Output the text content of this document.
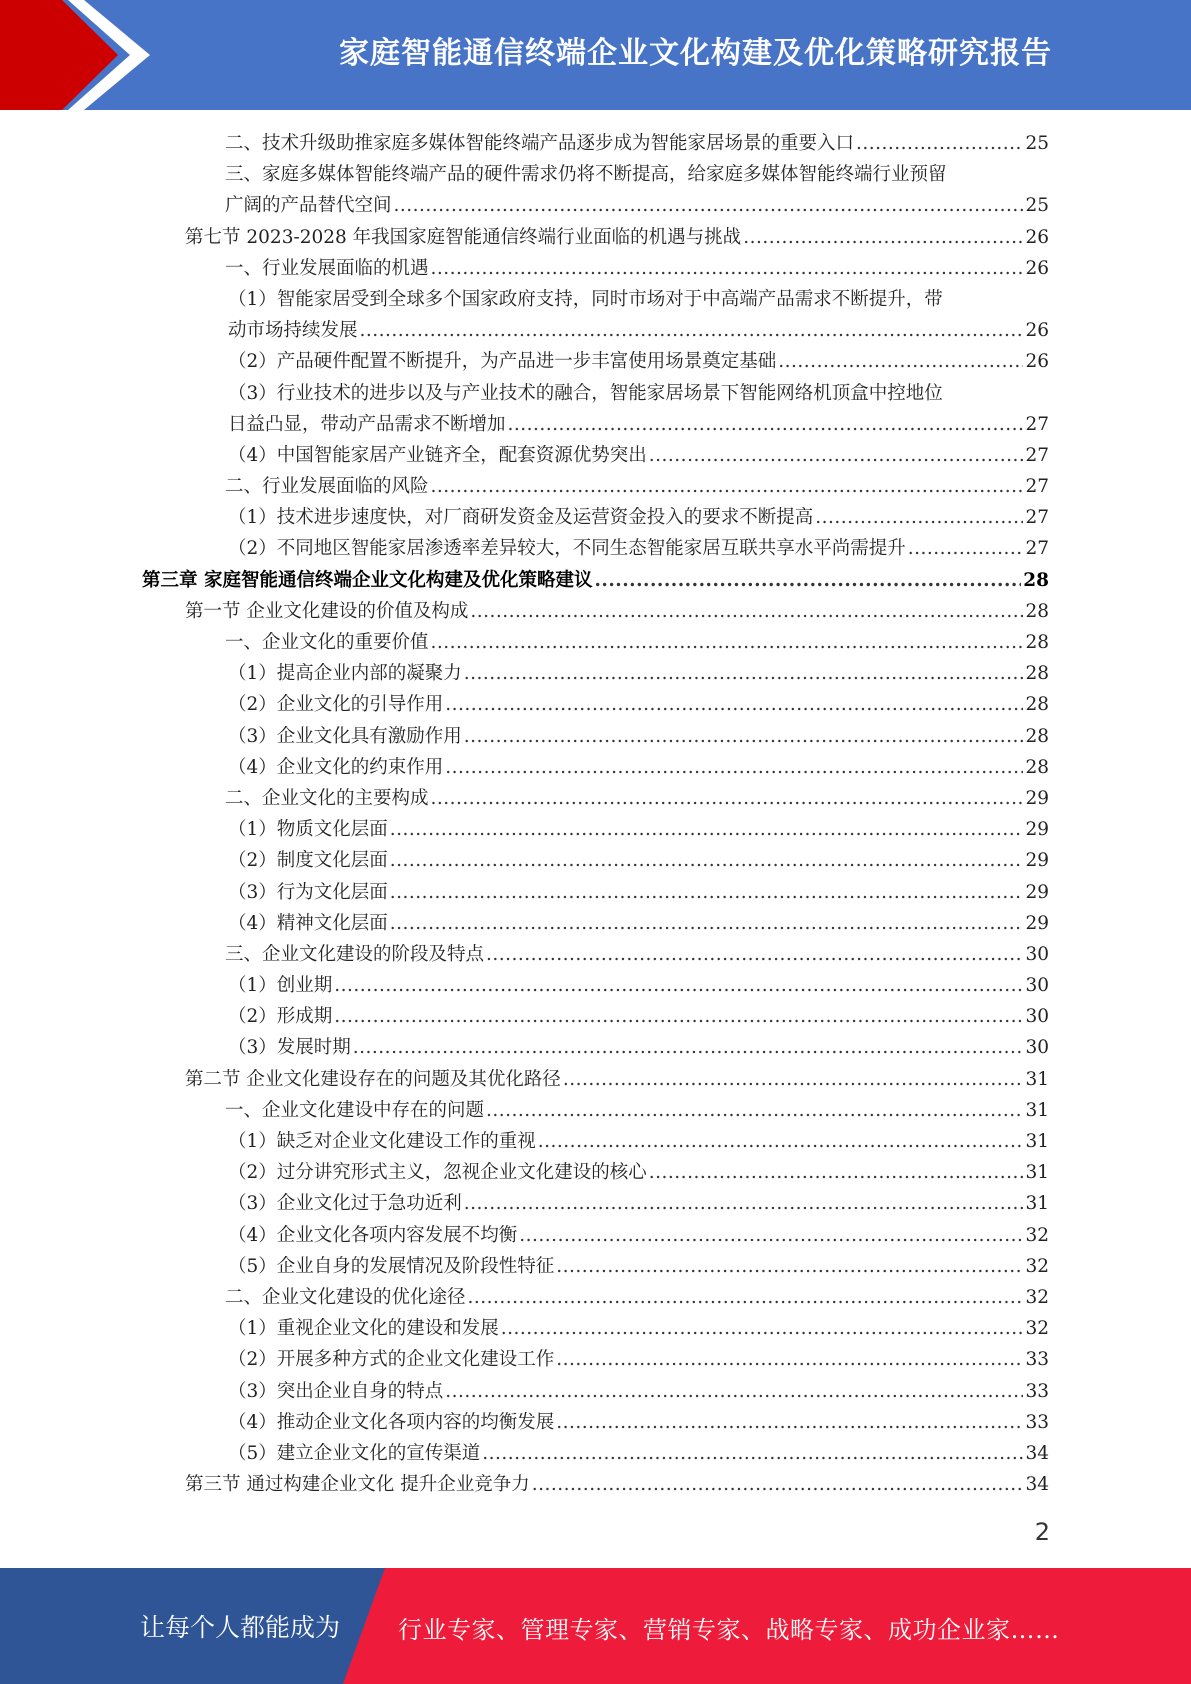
家庭智能通信终端企业文化构建及优化策略研究报告
二、技术升级助推家庭多媒体智能终端产品逐步成为智能家居场景的重要入口 .....	25
三、家庭多媒体智能终端产品的硬件需求仍将不断提高，给家庭多媒体智能终端行业预留
广阔的产品替代空间 .....	25
第七节 2023-2028 年我国家庭智能通信终端行业面临的机遇与挑战 .....	26
一、行业发展面临的机遇 .....	26
（1）智能家居受到全球多个国家政府支持，同时市场对于中高端产品需求不断提升，带
动市场持续发展 .....	26
（2）产品硬件配置不断提升，为产品进一步丰富使用场景奠定基础 .....	26
（3）行业技术的进步以及与产业技术的融合，智能家居场景下智能网络机顶盒中控地位
日益凸显，带动产品需求不断增加 .....	27
（4）中国智能家居产业链齐全，配套资源优势突出 .....	27
二、行业发展面临的风险 .....	27
（1）技术进步速度快，对厂商研发资金及运营资金投入的要求不断提高 .....	27
（2）不同地区智能家居渗透率差异较大，不同生态智能家居互联共享水平尚需提升 .....	27
第三章 家庭智能通信终端企业文化构建及优化策略建议 .....	28
第一节 企业文化建设的价值及构成 .....	28
一、企业文化的重要价值 .....	28
（1）提高企业内部的凝聚力 .....	28
（2）企业文化的引导作用 .....	28
（3）企业文化具有激励作用 .....	28
（4）企业文化的约束作用 .....	28
二、企业文化的主要构成 .....	29
（1）物质文化层面 .....	29
（2）制度文化层面 .....	29
（3）行为文化层面 .....	29
（4）精神文化层面 .....	29
三、企业文化建设的阶段及特点 .....	30
（1）创业期 .....	30
（2）形成期 .....	30
（3）发展时期 .....	30
第二节 企业文化建设存在的问题及其优化路径 .....	31
一、企业文化建设中存在的问题 .....	31
（1）缺乏对企业文化建设工作的重视 .....	31
（2）过分讲究形式主义，忽视企业文化建设的核心 .....	31
（3）企业文化过于急功近利 .....	31
（4）企业文化各项内容发展不均衡 .....	32
（5）企业自身的发展情况及阶段性特征 .....	32
二、企业文化建设的优化途径 .....	32
（1）重视企业文化的建设和发展 .....	32
（2）开展多种方式的企业文化建设工作 .....	33
（3）突出企业自身的特点 .....	33
（4）推动企业文化各项内容的均衡发展 .....	33
（5）建立企业文化的宣传渠道 .....	34
第三节 通过构建企业文化 提升企业竞争力 .....	34
2
让每个人都能成为 行业专家、管理专家、营销专家、战略专家、成功企业家……
